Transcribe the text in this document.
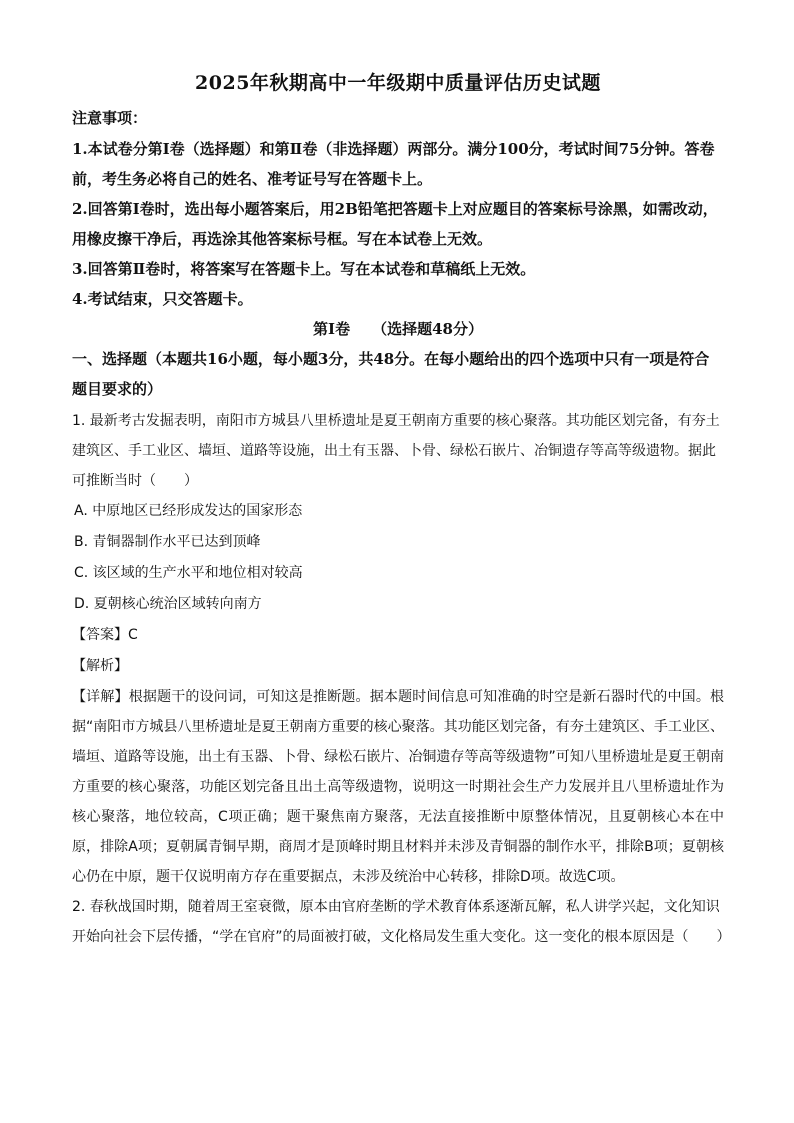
2025年秋期高中一年级期中质量评估历史试题
注意事项：

1.本试卷分第Ⅰ卷（选择题）和第Ⅱ卷（非选择题）两部分。满分100分，考试时间75分钟。答卷前，考生务必将自己的姓名、准考证号写在答题卡上。

2.回答第Ⅰ卷时，选出每小题答案后，用2B铅笔把答题卡上对应题目的答案标号涂黑，如需改动，用橡皮擦干净后，再选涂其他答案标号框。写在本试卷上无效。

3.回答第Ⅱ卷时，将答案写在答题卡上。写在本试卷和草稿纸上无效。

4.考试结束，只交答题卡。

第Ⅰ卷 （选择题48分）
一、选择题（本题共16小题，每小题3分，共48分。在每小题给出的四个选项中只有一项是符合题目要求的）

1. 最新考古发掘表明，南阳市方城县八里桥遗址是夏王朝南方重要的核心聚落。其功能区划完备，有夯土建筑区、手工业区、墙垣、道路等设施，出土有玉器、卜骨、绿松石嵌片、冶铜遗存等高等级遗物。据此可推断当时（　　）

A. 中原地区已经形成发达的国家形态

B. 青铜器制作水平已达到顶峰

C. 该区域的生产水平和地位相对较高

D. 夏朝核心统治区域转向南方

【答案】C

【解析】

【详解】根据题干的设问词，可知这是推断题。据本题时间信息可知准确的时空是新石器时代的中国。根据“南阳市方城县八里桥遗址是夏王朝南方重要的核心聚落。其功能区划完备，有夯土建筑区、手工业区、墙垣、道路等设施，出土有玉器、卜骨、绿松石嵌片、冶铜遗存等高等级遗物”可知八里桥遗址是夏王朝南方重要的核心聚落，功能区划完备且出土高等级遗物，说明这一时期社会生产力发展并且八里桥遗址作为核心聚落，地位较高，C项正确；题干聚焦南方聚落，无法直接推断中原整体情况，且夏朝核心本在中原，排除A项；夏朝属青铜早期，商周才是顶峰时期且材料并未涉及青铜器的制作水平，排除B项；夏朝核心仍在中原，题干仅说明南方存在重要据点，未涉及统治中心转移，排除D项。故选C项。

2. 春秋战国时期，随着周王室衰微，原本由官府垄断的学术教育体系逐渐瓦解，私人讲学兴起，文化知识开始向社会下层传播，“学在官府”的局面被打破，文化格局发生重大变化。这一变化的根本原因是（　　）
